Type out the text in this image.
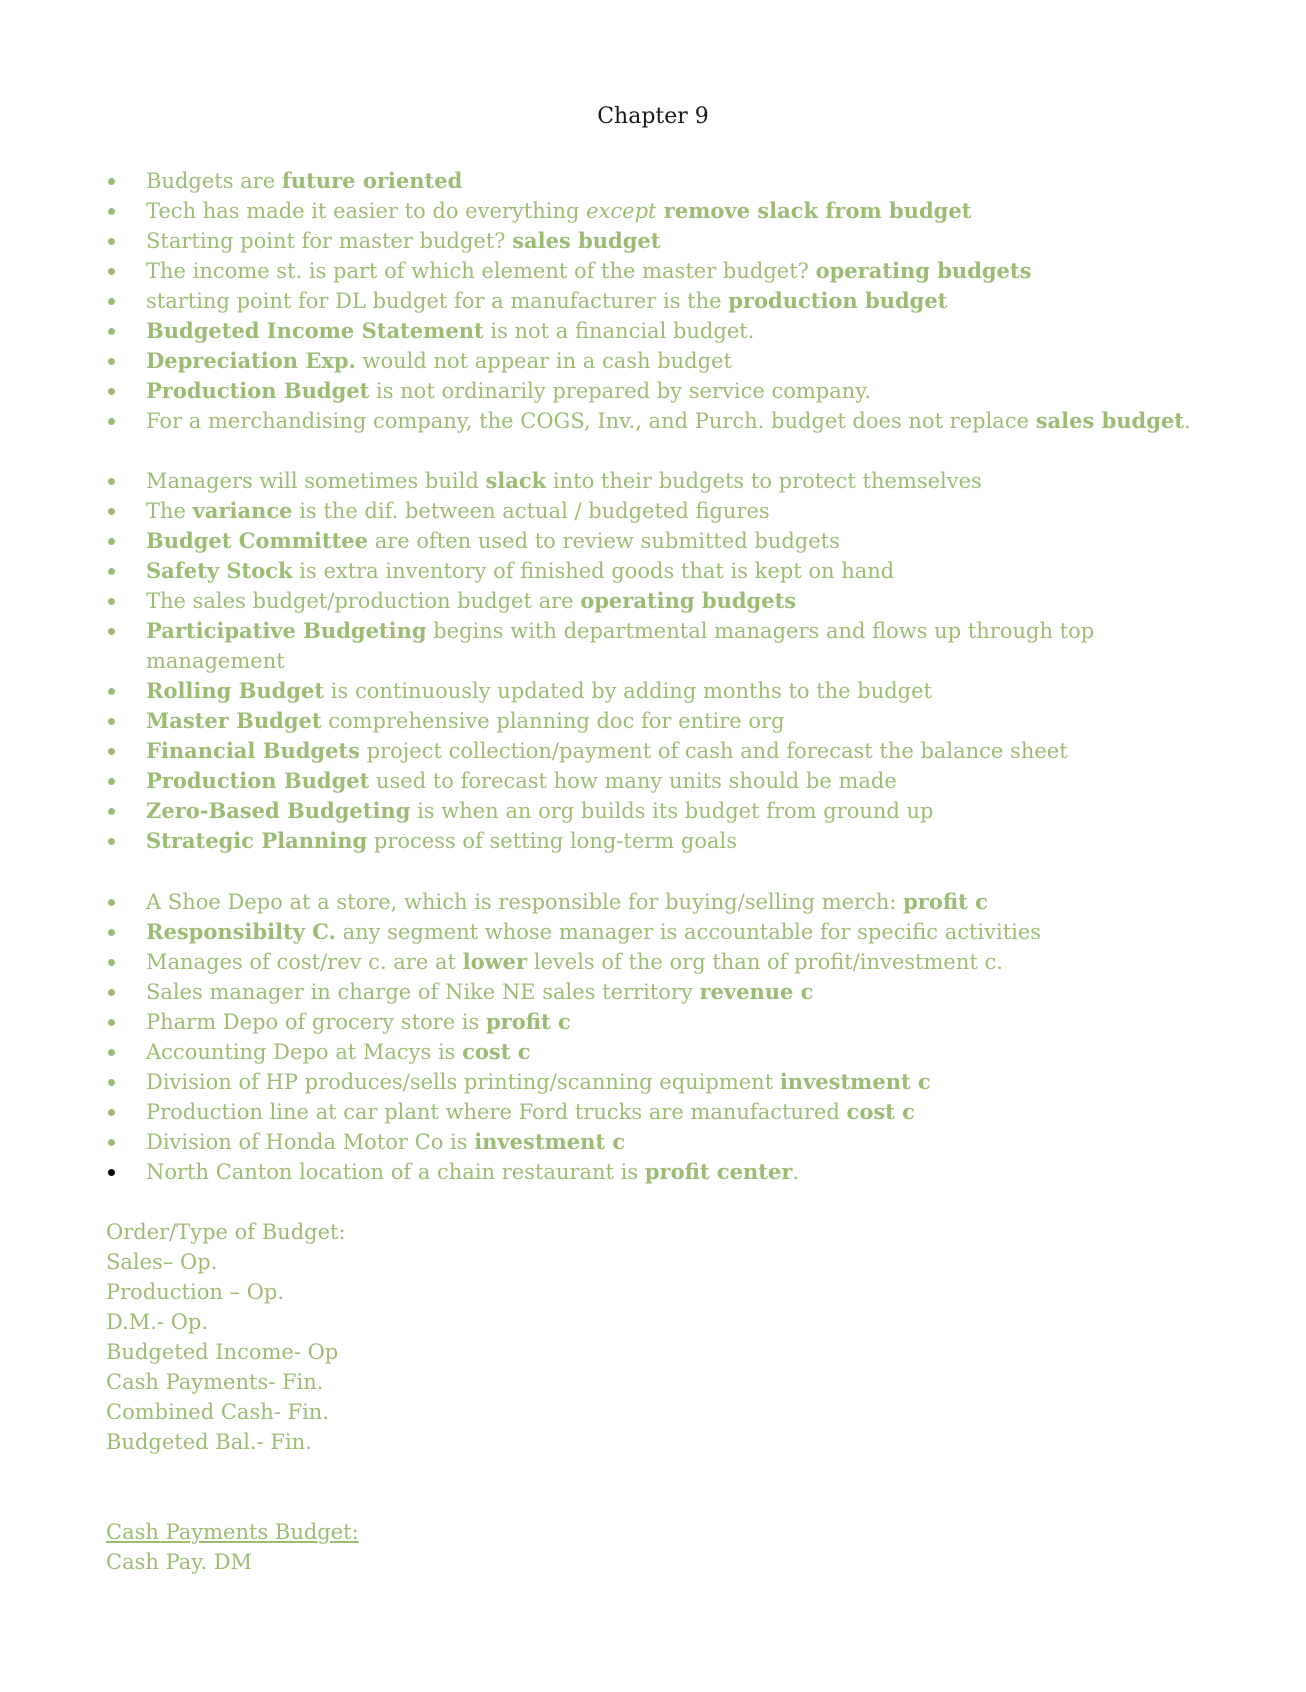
Chapter 9
Budgets are future oriented
Tech has made it easier to do everything except remove slack from budget
Starting point for master budget? sales budget
The income st. is part of which element of the master budget? operating budgets
starting point for DL budget for a manufacturer is the production budget
Budgeted Income Statement is not a financial budget.
Depreciation Exp. would not appear in a cash budget
Production Budget is not ordinarily prepared by service company.
For a merchandising company, the COGS, Inv., and Purch. budget does not replace sales budget.
Managers will sometimes build slack into their budgets to protect themselves
The variance is the dif. between actual / budgeted figures
Budget Committee are often used to review submitted budgets
Safety Stock is extra inventory of finished goods that is kept on hand
The sales budget/production budget are operating budgets
Participative Budgeting begins with departmental managers and flows up through top management
Rolling Budget is continuously updated by adding months to the budget
Master Budget comprehensive planning doc for entire org
Financial Budgets project collection/payment of cash and forecast the balance sheet
Production Budget used to forecast how many units should be made
Zero-Based Budgeting is when an org builds its budget from ground up
Strategic Planning process of setting long-term goals
A Shoe Depo at a store, which is responsible for buying/selling merch: profit c
Responsibilty C. any segment whose manager is accountable for specific activities
Manages of cost/rev c. are at lower levels of the org than of profit/investment c.
Sales manager in charge of Nike NE sales territory revenue c
Pharm Depo of grocery store is profit c
Accounting Depo at Macys is cost c
Division of HP produces/sells printing/scanning equipment investment c
Production line at car plant where Ford trucks are manufactured cost c
Division of Honda Motor Co is investment c
North Canton location of a chain restaurant is profit center.
Order/Type of Budget:
Sales– Op.
Production – Op.
D.M.- Op.
Budgeted Income- Op
Cash Payments- Fin.
Combined Cash- Fin.
Budgeted Bal.- Fin.
Cash Payments Budget:
Cash Pay. DM
